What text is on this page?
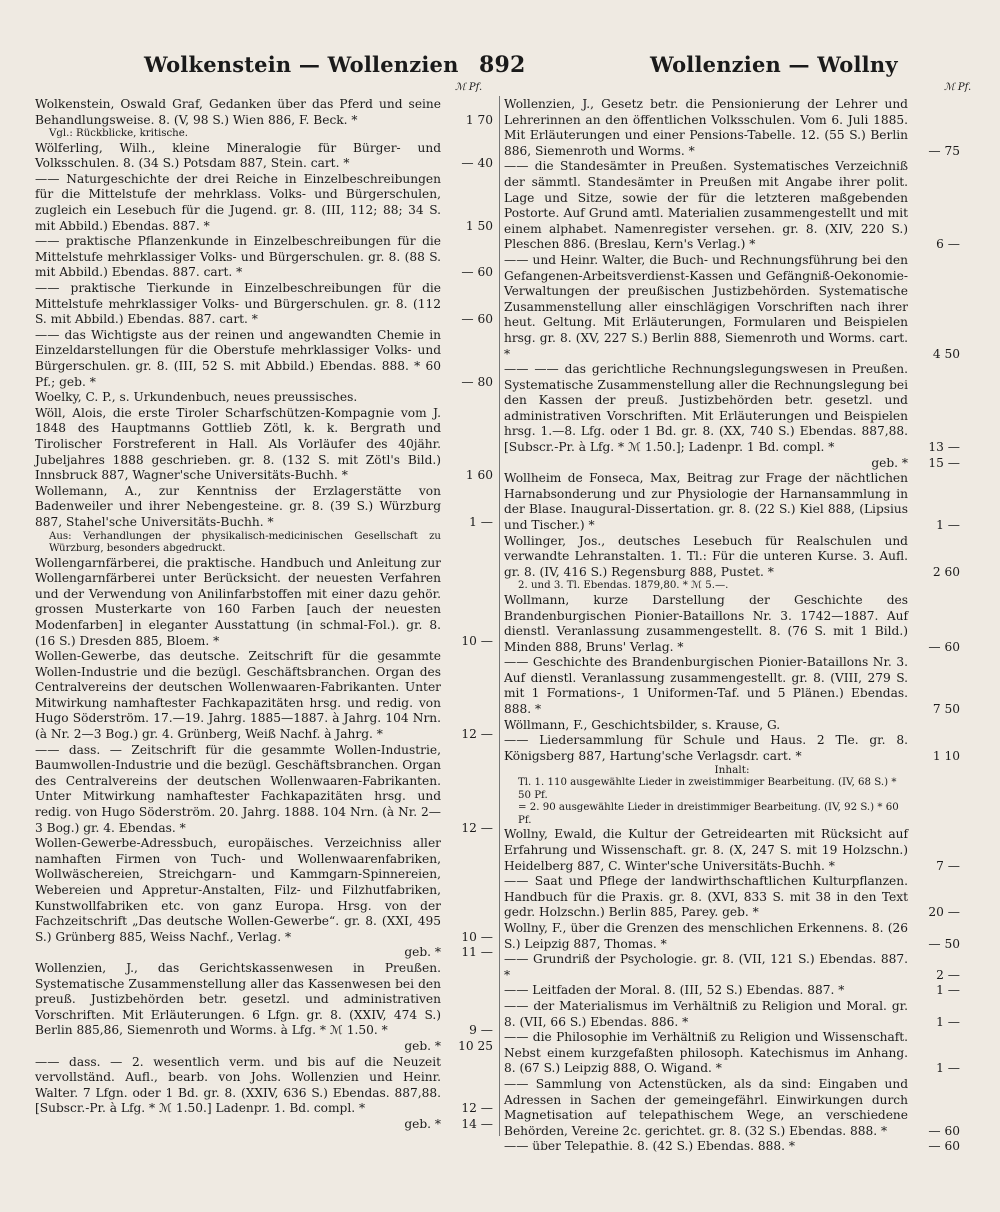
Wolkenstein — Wollenzien 892	Wollenzien — Wollny
ℳ Pf.	ℳ Pf.
Wolkenstein, Oswald Graf, Gedanken über das Pferd und seine Behandlungsweise. 8. (V, 98 S.) Wien 886, F. Beck. *	1 70
Vgl.: Rückblicke, kritische.
Wölferling, Wilh., kleine Mineralogie für Bürger- und Volksschulen. 8. (34 S.) Potsdam 887, Stein. cart. *	— 40
—— Naturgeschichte der drei Reiche in Einzelbeschreibungen für die Mittelstufe der mehrklass. Volks- und Bürgerschulen, zugleich ein Lesebuch für die Jugend. gr. 8. (III, 112; 88; 34 S. mit Abbild.) Ebendas. 887. *	1 50
—— praktische Pflanzenkunde in Einzelbeschreibungen für die Mittelstufe mehrklassiger Volks- und Bürgerschulen. gr. 8. (88 S. mit Abbild.) Ebendas. 887. cart. *	— 60
—— praktische Tierkunde in Einzelbeschreibungen für die Mittelstufe mehrklassiger Volks- und Bürgerschulen. gr. 8. (112 S. mit Abbild.) Ebendas. 887. cart. *	— 60
—— das Wichtigste aus der reinen und angewandten Chemie in Einzeldarstellungen für die Oberstufe mehrklassiger Volks- und Bürgerschulen. gr. 8. (III, 52 S. mit Abbild.) Ebendas. 888. * 60 Pf.; geb. *	— 80
Woelky, C. P., s. Urkundenbuch, neues preussisches.
Wöll, Alois, die erste Tiroler Scharfschützen-Kompagnie vom J. 1848 des Hauptmanns Gottlieb Zötl, k. k. Bergrath und Tirolischer Forstreferent in Hall. Als Vorläufer des 40jähr. Jubeljahres 1888 geschrieben. gr. 8. (132 S. mit Zötl's Bild.) Innsbruck 887, Wagner'sche Universitäts-Buchh. *	1 60
Wollemann, A., zur Kenntniss der Erzlagerstätte von Badenweiler und ihrer Nebengesteine. gr. 8. (39 S.) Würzburg 887, Stahel'sche Universitäts-Buchh. *	1 —
Aus: Verhandlungen der physikalisch-medicinischen Gesellschaft zu Würzburg, besonders abgedruckt.
Wollengarnfärberei, die praktische. Handbuch und Anleitung zur Wollengarnfärberei unter Berücksicht. der neuesten Verfahren und der Verwendung von Anilinfarbstoffen mit einer dazu gehör. grossen Musterkarte von 160 Farben [auch der neuesten Modenfarben] in eleganter Ausstattung (in schmal-Fol.). gr. 8. (16 S.) Dresden 885, Bloem. *	10 —
Wollen-Gewerbe, das deutsche. Zeitschrift für die gesammte Wollen-Industrie und die bezügl. Geschäftsbranchen. Organ des Centralvereins der deutschen Wollenwaaren-Fabrikanten. Unter Mitwirkung namhaftester Fachkapazitäten hrsg. und redig. von Hugo Söderström. 17.—19. Jahrg. 1885—1887. à Jahrg. 104 Nrn. (à Nr. 2—3 Bog.) gr. 4. Grünberg, Weiß Nachf. à Jahrg. *	12 —
—— dass. — Zeitschrift für die gesammte Wollen-Industrie, Baumwollen-Industrie und die bezügl. Geschäftsbranchen. Organ des Centralvereins der deutschen Wollenwaaren-Fabrikanten. Unter Mitwirkung namhaftester Fachkapazitäten hrsg. und redig. von Hugo Söderström. 20. Jahrg. 1888. 104 Nrn. (à Nr. 2—3 Bog.) gr. 4. Ebendas. *	12 —
Wollen-Gewerbe-Adressbuch, europäisches. Verzeichniss aller namhaften Firmen von Tuch- und Wollenwaarenfabriken, Wollwäschereien, Streichgarn- und Kammgarn-Spinnereien, Webereien und Appretur-Anstalten, Filz- und Filzhutfabriken, Kunstwollfabriken etc. von ganz Europa. Hrsg. von der Fachzeitschrift „Das deutsche Wollen-Gewerbe“. gr. 8. (XXI, 495 S.) Grünberg 885, Weiss Nachf., Verlag. *	10 —
geb. *	11 —
Wollenzien, J., das Gerichtskassenwesen in Preußen. Systematische Zusammenstellung aller das Kassenwesen bei den preuß. Justizbehörden betr. gesetzl. und administrativen Vorschriften. Mit Erläuterungen. 6 Lfgn. gr. 8. (XXIV, 474 S.) Berlin 885,86, Siemenroth und Worms. à Lfg. * ℳ 1.50. *	9 —
geb. *	10 25
—— dass. — 2. wesentlich verm. und bis auf die Neuzeit vervollständ. Aufl., bearb. von Johs. Wollenzien und Heinr. Walter. 7 Lfgn. oder 1 Bd. gr. 8. (XXIV, 636 S.) Ebendas. 887,88. [Subscr.-Pr. à Lfg. * ℳ 1.50.] Ladenpr. 1. Bd. compl. *	12 —
geb. *	14 —
Wollenzien, J., Gesetz betr. die Pensionierung der Lehrer und Lehrerinnen an den öffentlichen Volksschulen. Vom 6. Juli 1885. Mit Erläuterungen und einer Pensions-Tabelle. 12. (55 S.) Berlin 886, Siemenroth und Worms. *	— 75
—— die Standesämter in Preußen. Systematisches Verzeichniß der sämmtl. Standesämter in Preußen mit Angabe ihrer polit. Lage und Sitze, sowie der für die letzteren maßgebenden Postorte. Auf Grund amtl. Materialien zusammengestellt und mit einem alphabet. Namenregister versehen. gr. 8. (XIV, 220 S.) Pleschen 886. (Breslau, Kern's Verlag.) *	6 —
—— und Heinr. Walter, die Buch- und Rechnungsführung bei den Gefangenen-Arbeitsverdienst-Kassen und Gefängniß-Oekonomie-Verwaltungen der preußischen Justizbehörden. Systematische Zusammenstellung aller einschlägigen Vorschriften nach ihrer heut. Geltung. Mit Erläuterungen, Formularen und Beispielen hrsg. gr. 8. (XV, 227 S.) Berlin 888, Siemenroth und Worms. cart. *	4 50
—— —— das gerichtliche Rechnungslegungswesen in Preußen. Systematische Zusammenstellung aller die Rechnungslegung bei den Kassen der preuß. Justizbehörden betr. gesetzl. und administrativen Vorschriften. Mit Erläuterungen und Beispielen hrsg. 1.—8. Lfg. oder 1 Bd. gr. 8. (XX, 740 S.) Ebendas. 887,88. [Subscr.-Pr. à Lfg. * ℳ 1.50.]; Ladenpr. 1 Bd. compl. *	13 —
geb. *	15 —
Wollheim de Fonseca, Max, Beitrag zur Frage der nächtlichen Harnabsonderung und zur Physiologie der Harnansammlung in der Blase. Inaugural-Dissertation. gr. 8. (22 S.) Kiel 888, (Lipsius und Tischer.) *	1 —
Wollinger, Jos., deutsches Lesebuch für Realschulen und verwandte Lehranstalten. 1. Tl.: Für die unteren Kurse. 3. Aufl. gr. 8. (IV, 416 S.) Regensburg 888, Pustet. *	2 60
2. und 3. Tl. Ebendas. 1879,80. * ℳ 5.—.
Wollmann, kurze Darstellung der Geschichte des Brandenburgischen Pionier-Bataillons Nr. 3. 1742—1887. Auf dienstl. Veranlassung zusammengestellt. 8. (76 S. mit 1 Bild.) Minden 888, Bruns' Verlag. *	— 60
—— Geschichte des Brandenburgischen Pionier-Bataillons Nr. 3. Auf dienstl. Veranlassung zusammengestellt. gr. 8. (VIII, 279 S. mit 1 Formations-, 1 Uniformen-Taf. und 5 Plänen.) Ebendas. 888. *	7 50
Wöllmann, F., Geschichtsbilder, s. Krause, G.
—— Liedersammlung für Schule und Haus. 2 Tle. gr. 8. Königsberg 887, Hartung'sche Verlagsdr. cart. *	1 10
Inhalt:
Tl. 1. 110 ausgewählte Lieder in zweistimmiger Bearbeitung. (IV, 68 S.) * 50 Pf.
= 2. 90 ausgewählte Lieder in dreistimmiger Bearbeitung. (IV, 92 S.) * 60 Pf.
Wollny, Ewald, die Kultur der Getreidearten mit Rücksicht auf Erfahrung und Wissenschaft. gr. 8. (X, 247 S. mit 19 Holzschn.) Heidelberg 887, C. Winter'sche Universitäts-Buchh. *	7 —
—— Saat und Pflege der landwirthschaftlichen Kulturpflanzen. Handbuch für die Praxis. gr. 8. (XVI, 833 S. mit 38 in den Text gedr. Holzschn.) Berlin 885, Parey. geb. *	20 —
Wollny, F., über die Grenzen des menschlichen Erkennens. 8. (26 S.) Leipzig 887, Thomas. *	— 50
—— Grundriß der Psychologie. gr. 8. (VII, 121 S.) Ebendas. 887. *	2 —
—— Leitfaden der Moral. 8. (III, 52 S.) Ebendas. 887. *	1 —
—— der Materialismus im Verhältniß zu Religion und Moral. gr. 8. (VII, 66 S.) Ebendas. 886. *	1 —
—— die Philosophie im Verhältniß zu Religion und Wissenschaft. Nebst einem kurzgefaßten philosoph. Katechismus im Anhang. 8. (67 S.) Leipzig 888, O. Wigand. *	1 —
—— Sammlung von Actenstücken, als da sind: Eingaben und Adressen in Sachen der gemeingefährl. Einwirkungen durch Magnetisation auf telepathischem Wege, an verschiedene Behörden, Vereine 2c. gerichtet. gr. 8. (32 S.) Ebendas. 888. *	— 60
—— über Telepathie. 8. (42 S.) Ebendas. 888. *	— 60
